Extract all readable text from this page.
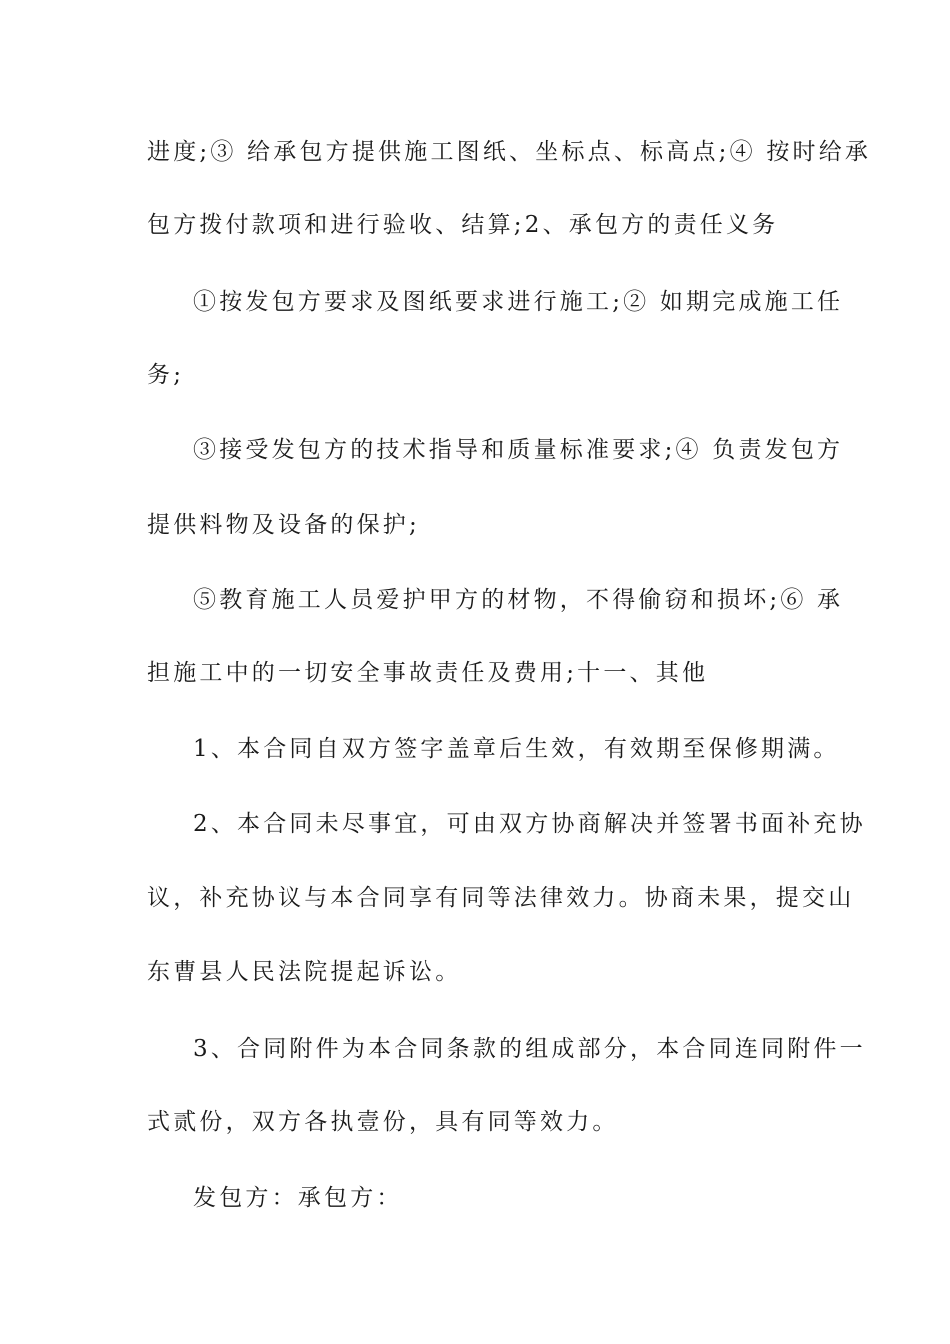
进度;③ 给承包方提供施工图纸、坐标点、标高点;④ 按时给承
包方拨付款项和进行验收、结算;2、承包方的责任义务
①按发包方要求及图纸要求进行施工;② 如期完成施工任
务;
③接受发包方的技术指导和质量标准要求;④ 负责发包方
提供料物及设备的保护;
⑤教育施工人员爱护甲方的材物，不得偷窃和损坏;⑥ 承
担施工中的一切安全事故责任及费用;十一、其他
1、本合同自双方签字盖章后生效，有效期至保修期满。
2、本合同未尽事宜，可由双方协商解决并签署书面补充协
议，补充协议与本合同享有同等法律效力。协商未果，提交山
东曹县人民法院提起诉讼。
3、合同附件为本合同条款的组成部分，本合同连同附件一
式贰份，双方各执壹份，具有同等效力。
发包方：承包方：
